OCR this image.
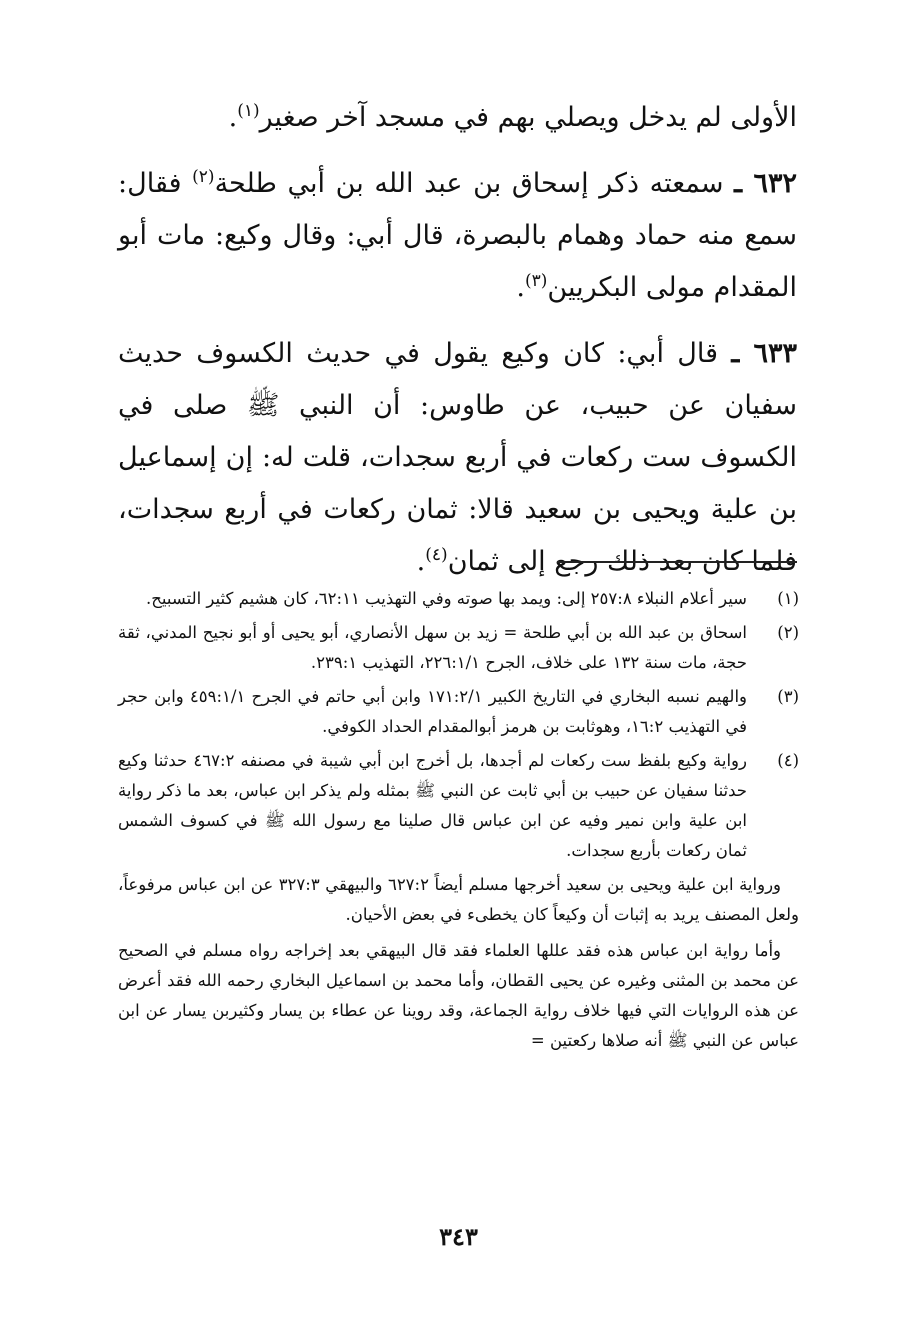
الأولى لم يدخل ويصلي بهم في مسجد آخر صغير$^{(١)}$.

٦٣٢ ـ سمعته ذكر إسحاق بن عبد الله بن أبي طلحة$^{(٢)}$ فقال: سمع منه حماد وهمام بالبصرة، قال أبي: وقال وكيع: مات أبو المقدام مولى البكريين$^{(٣)}$.

٦٣٣ ـ قال أبي: كان وكيع يقول في حديث الكسوف حديث سفيان عن حبيب، عن طاوس: أن النبي ﷺ صلى في الكسوف ست ركعات في أربع سجدات، قلت له: إن إسماعيل بن علية ويحيى بن سعيد قالا: ثمان ركعات في أربع سجدات، فلما كان بعد ذلك رجع إلى ثمان$^{(٤)}$.

(١)
سير أعلام النبلاء ٢٥٧:٨ إلى: ويمد بها صوته وفي التهذيب ٦٢:١١، كان هشيم كثير التسبيح.
(٢)
اسحاق بن عبد الله بن أبي طلحة = زيد بن سهل الأنصاري، أبو يحيى أو أبو نجيح المدني، ثقة حجة، مات سنة ١٣٢ على خلاف، الجرح ٢٢٦:١/١، التهذيب ٢٣٩:١.
(٣)
والهيم نسبه البخاري في التاريخ الكبير ١٧١:٢/١ وابن أبي حاتم في الجرح ٤٥٩:١/١ وابن حجر في التهذيب ١٦:٢، وهوثابت بن هرمز أبوالمقدام الحداد الكوفي.
(٤)
رواية وكيع بلفظ ست ركعات لم أجدها، بل أخرج ابن أبي شيبة في مصنفه ٤٦٧:٢ حدثنا وكيع حدثنا سفيان عن حبيب بن أبي ثابت عن النبي ﷺ بمثله ولم يذكر ابن عباس، بعد ما ذكر رواية ابن علية وابن نمير وفيه عن ابن عباس قال صلينا مع رسول الله ﷺ في كسوف الشمس ثمان ركعات بأربع سجدات.
ورواية ابن علية ويحيى بن سعيد أخرجها مسلم أيضاً ٦٢٧:٢ والبيهقي ٣٢٧:٣ عن ابن عباس مرفوعاً، ولعل المصنف يريد به إثبات أن وكيعاً كان يخطىء في بعض الأحيان.
وأما رواية ابن عباس هذه فقد عللها العلماء فقد قال البيهقي بعد إخراجه رواه مسلم في الصحيح عن محمد بن المثنى وغيره عن يحيى القطان، وأما محمد بن اسماعيل البخاري رحمه الله فقد أعرض عن هذه الروايات التي فيها خلاف رواية الجماعة، وقد روينا عن عطاء بن يسار وكثيربن يسار عن ابن عباس عن النبي ﷺ أنه صلاها ركعتين =
٣٤٣
